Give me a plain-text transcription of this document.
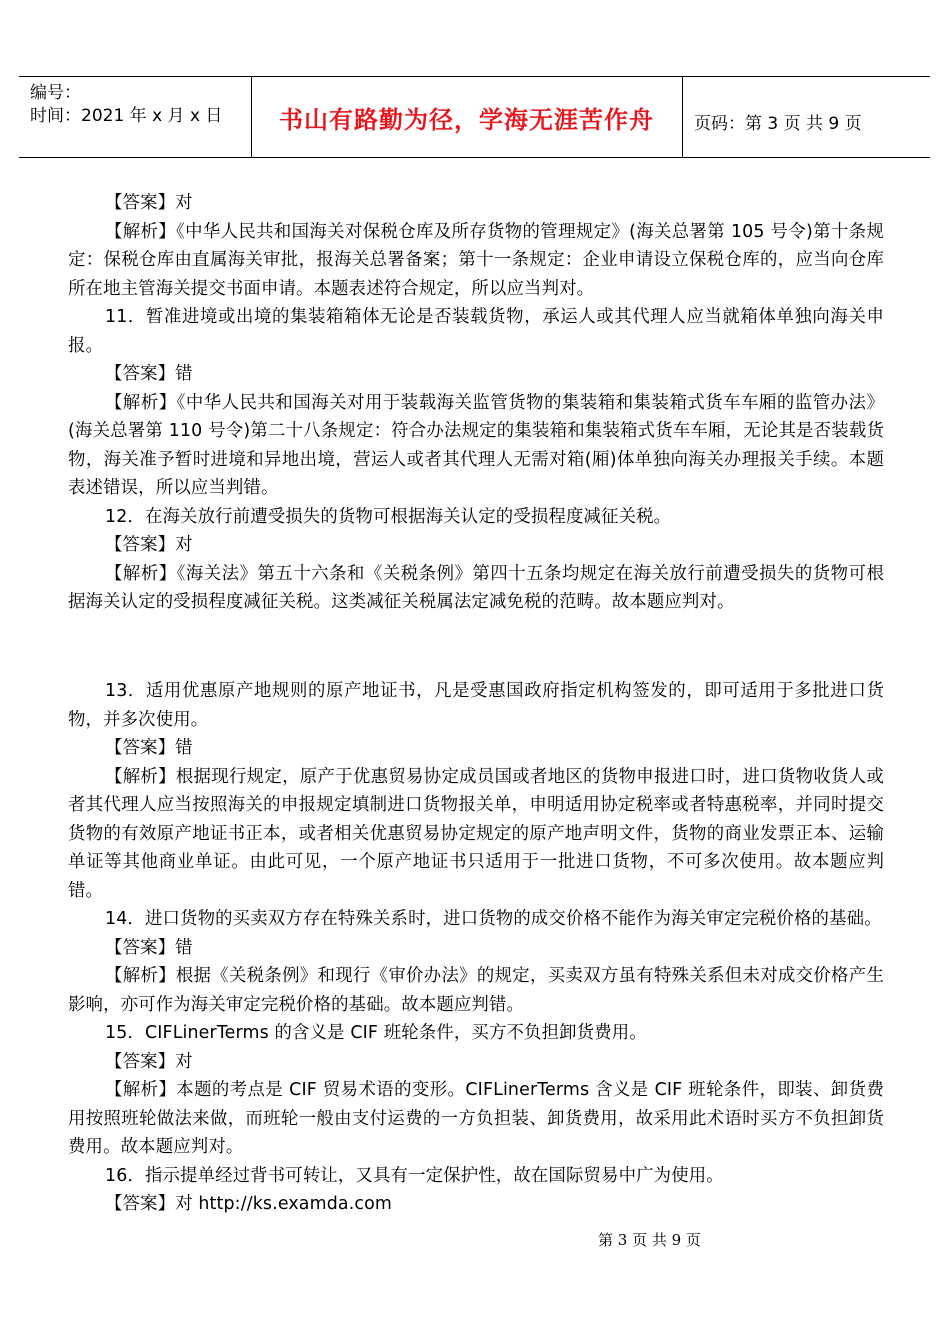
编号：
时间：2021 年 x 月 x 日	书山有路勤为径，学海无涯苦作舟	页码：第 3 页 共 9 页

【答案】对

【解析】《中华人民共和国海关对保税仓库及所存货物的管理规定》(海关总署第 105 号令)第十条规定：保税仓库由直属海关审批，报海关总署备案；第十一条规定：企业申请设立保税仓库的，应当向仓库所在地主管海关提交书面申请。本题表述符合规定，所以应当判对。

11．暂准进境或出境的集装箱箱体无论是否装载货物，承运人或其代理人应当就箱体单独向海关申报。

【答案】错

【解析】《中华人民共和国海关对用于装载海关监管货物的集装箱和集装箱式货车车厢的监管办法》(海关总署第 110 号令)第二十八条规定：符合办法规定的集装箱和集装箱式货车车厢，无论其是否装载货物，海关准予暂时进境和异地出境，营运人或者其代理人无需对箱(厢)体单独向海关办理报关手续。本题表述错误，所以应当判错。

12．在海关放行前遭受损失的货物可根据海关认定的受损程度减征关税。

【答案】对

【解析】《海关法》第五十六条和《关税条例》第四十五条均规定在海关放行前遭受损失的货物可根据海关认定的受损程度减征关税。这类减征关税属法定减免税的范畴。故本题应判对。

13．适用优惠原产地规则的原产地证书，凡是受惠国政府指定机构签发的，即可适用于多批进口货物，并多次使用。

【答案】错

【解析】根据现行规定，原产于优惠贸易协定成员国或者地区的货物申报进口时，进口货物收货人或者其代理人应当按照海关的申报规定填制进口货物报关单，申明适用协定税率或者特惠税率，并同时提交货物的有效原产地证书正本，或者相关优惠贸易协定规定的原产地声明文件，货物的商业发票正本、运输单证等其他商业单证。由此可见，一个原产地证书只适用于一批进口货物，不可多次使用。故本题应判错。

14．进口货物的买卖双方存在特殊关系时，进口货物的成交价格不能作为海关审定完税价格的基础。

【答案】错

【解析】根据《关税条例》和现行《审价办法》的规定，买卖双方虽有特殊关系但未对成交价格产生影响，亦可作为海关审定完税价格的基础。故本题应判错。

15．CIFLinerTerms 的含义是 CIF 班轮条件，买方不负担卸货费用。

【答案】对

【解析】本题的考点是 CIF 贸易术语的变形。CIFLinerTerms 含义是 CIF 班轮条件，即装、卸货费用按照班轮做法来做，而班轮一般由支付运费的一方负担装、卸货费用，故采用此术语时买方不负担卸货费用。故本题应判对。

16．指示提单经过背书可转让，又具有一定保护性，故在国际贸易中广为使用。

【答案】对 http://ks.examda.com

第 3 页 共 9 页
